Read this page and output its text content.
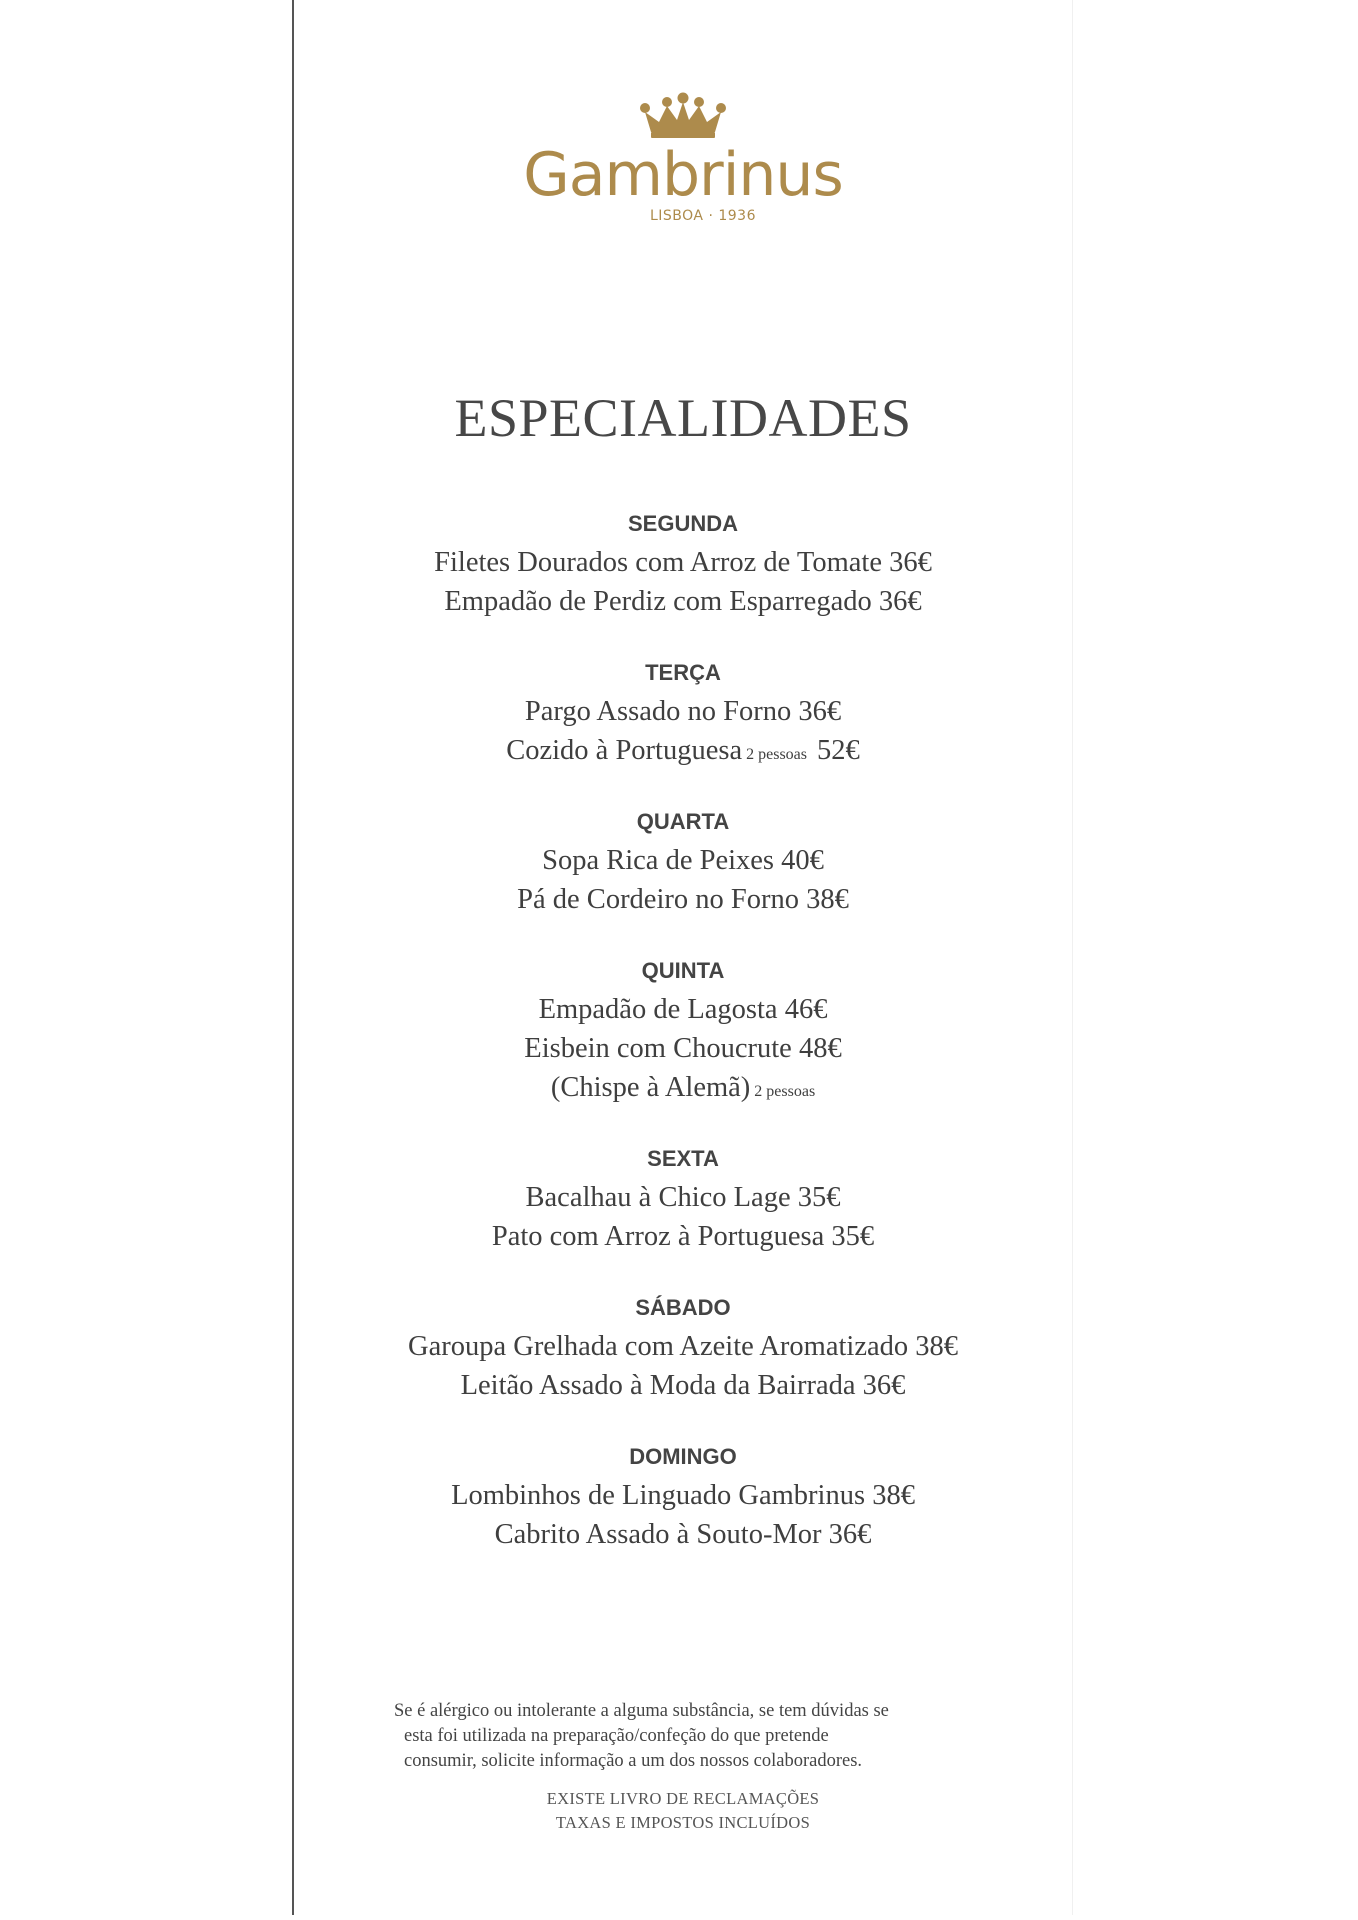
Gambrinus
LISBOA · 1936
ESPECIALIDADES
SEGUNDA

Filetes Dourados com Arroz de Tomate 36€

Empadão de Perdiz com Esparregado 36€

TERÇA

Pargo Assado no Forno 36€

Cozido à Portuguesa 2 pessoas 52€

QUARTA

Sopa Rica de Peixes 40€

Pá de Cordeiro no Forno 38€

QUINTA

Empadão de Lagosta 46€

Eisbein com Choucrute 48€

(Chispe à Alemã) 2 pessoas

SEXTA

Bacalhau à Chico Lage 35€

Pato com Arroz à Portuguesa 35€

SÁBADO

Garoupa Grelhada com Azeite Aromatizado 38€

Leitão Assado à Moda da Bairrada 36€

DOMINGO

Lombinhos de Linguado Gambrinus 38€

Cabrito Assado à Souto-Mor 36€

Se é alérgico ou intolerante a alguma substância, se tem dúvidas se

esta foi utilizada na preparação/confeção do que pretende

consumir, solicite informação a um dos nossos colaboradores.

EXISTE LIVRO DE RECLAMAÇÕES

TAXAS E IMPOSTOS INCLUÍDOS
